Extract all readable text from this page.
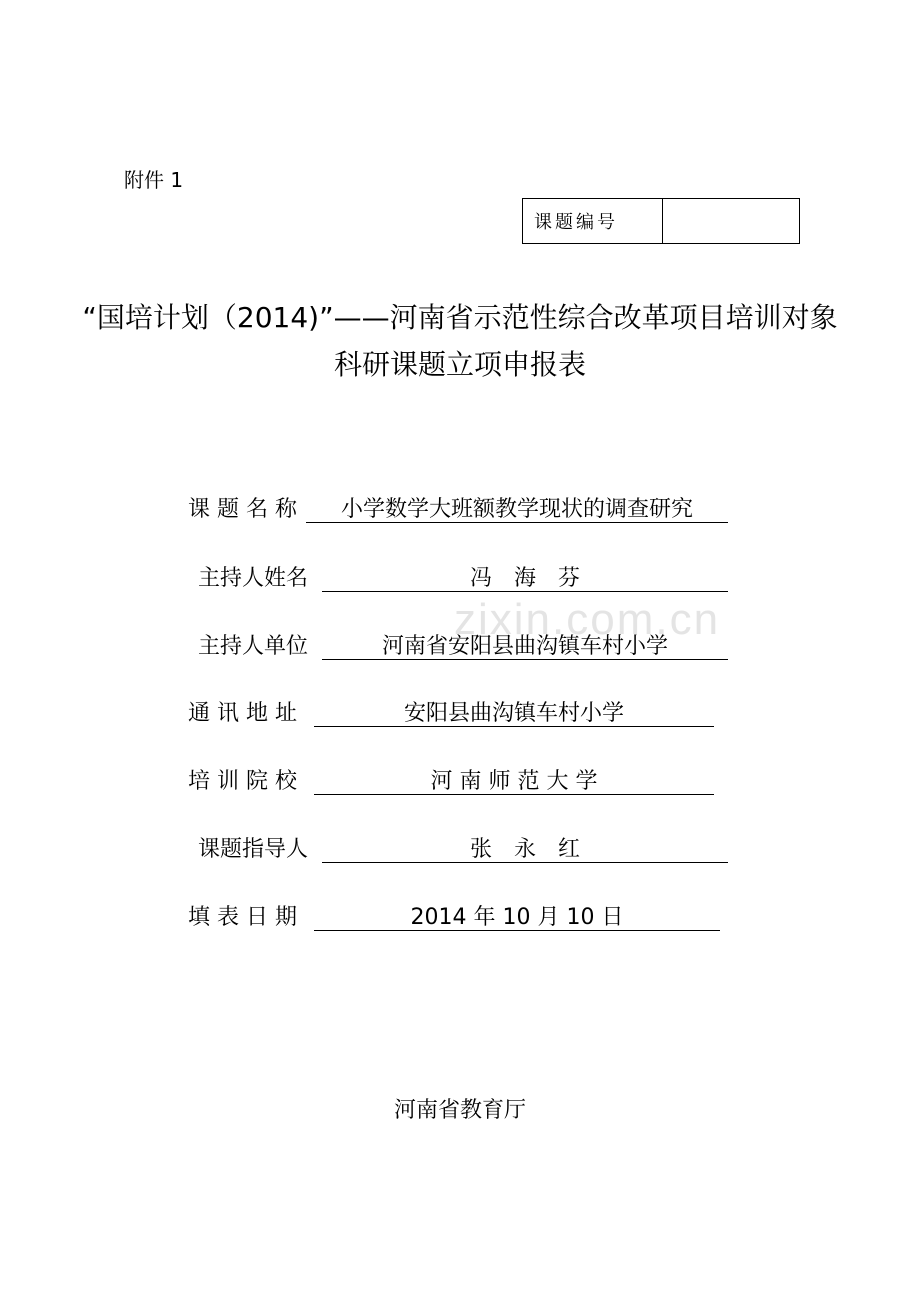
zixin.com.cn
附件 1
课题编号
“国培计划（2014)”——河南省示范性综合改革项目培训对象
科研课题立项申报表
课 题 名 称	小学数学大班额教学现状的调查研究
主持人姓名	冯　海　芬
主持人单位	河南省安阳县曲沟镇车村小学
通 讯 地 址	安阳县曲沟镇车村小学
培 训 院 校	河 南 师 范 大 学
课题指导人	张　永　红
填 表 日 期	2014 年 10 月 10 日
河南省教育厅
